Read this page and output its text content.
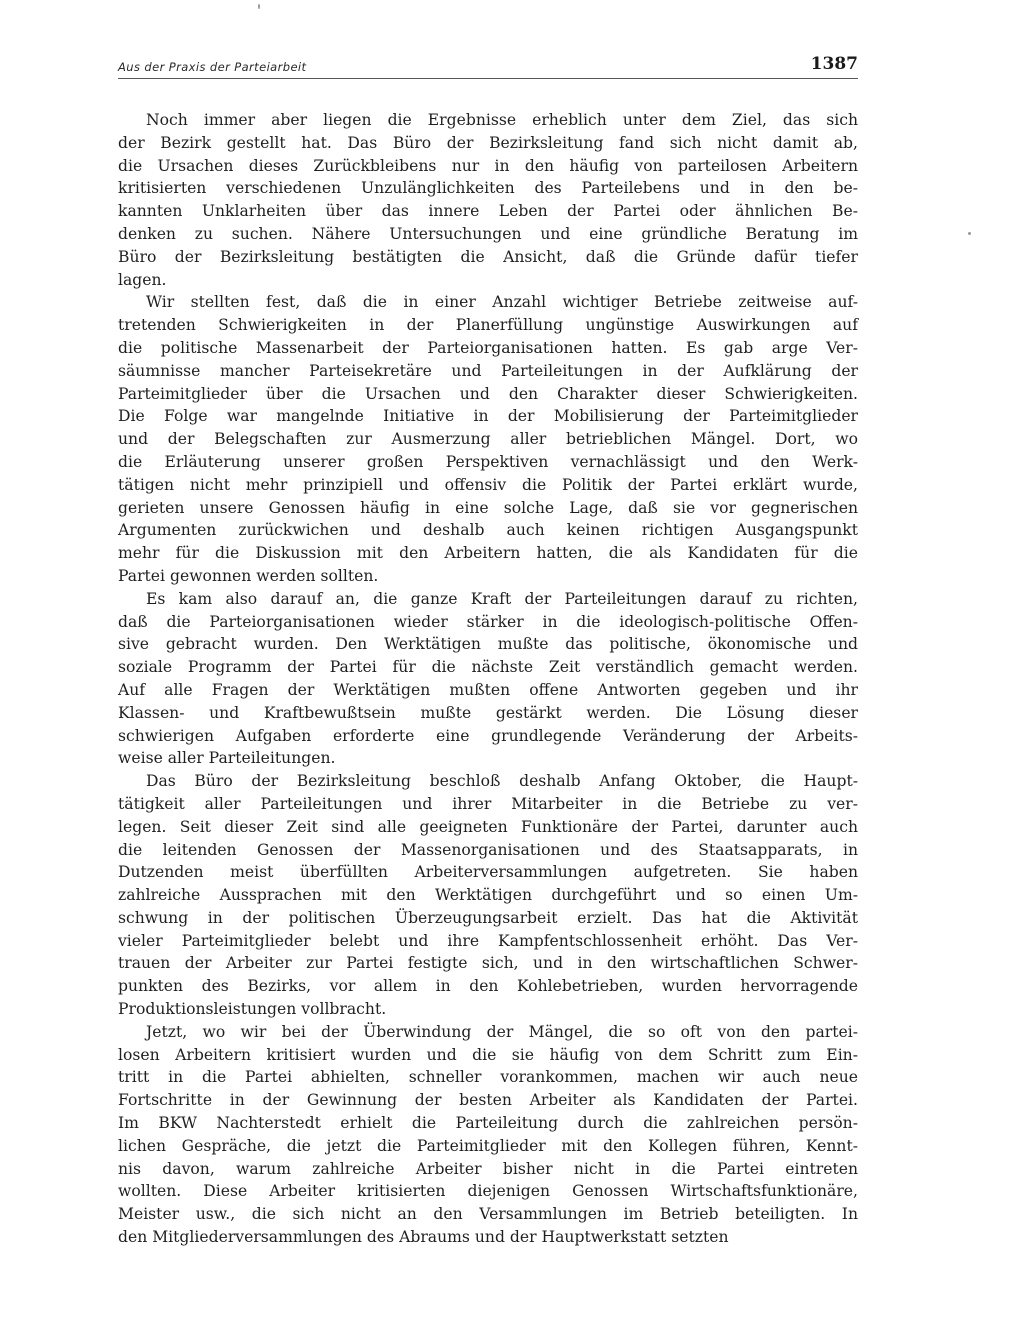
Aus der Praxis der Parteiarbeit	1387

Noch immer aber liegen die Ergebnisse erheblich unter dem Ziel, das sich
der Bezirk gestellt hat. Das Büro der Bezirksleitung fand sich nicht damit ab,
die Ursachen dieses Zurückbleibens nur in den häufig von parteilosen Arbeitern
kritisierten verschiedenen Unzulänglichkeiten des Parteilebens und in den be-
kannten Unklarheiten über das innere Leben der Partei oder ähnlichen Be-
denken zu suchen. Nähere Untersuchungen und eine gründliche Beratung im
Büro der Bezirksleitung bestätigten die Ansicht, daß die Gründe dafür tiefer
lagen.

Wir stellten fest, daß die in einer Anzahl wichtiger Betriebe zeitweise auf-
tretenden Schwierigkeiten in der Planerfüllung ungünstige Auswirkungen auf
die politische Massenarbeit der Parteiorganisationen hatten. Es gab arge Ver-
säumnisse mancher Parteisekretäre und Parteileitungen in der Aufklärung der
Parteimitglieder über die Ursachen und den Charakter dieser Schwierigkeiten.
Die Folge war mangelnde Initiative in der Mobilisierung der Parteimitglieder
und der Belegschaften zur Ausmerzung aller betrieblichen Mängel. Dort, wo
die Erläuterung unserer großen Perspektiven vernachlässigt und den Werk-
tätigen nicht mehr prinzipiell und offensiv die Politik der Partei erklärt wurde,
gerieten unsere Genossen häufig in eine solche Lage, daß sie vor gegnerischen
Argumenten zurückwichen und deshalb auch keinen richtigen Ausgangspunkt
mehr für die Diskussion mit den Arbeitern hatten, die als Kandidaten für die
Partei gewonnen werden sollten.

Es kam also darauf an, die ganze Kraft der Parteileitungen darauf zu richten,
daß die Parteiorganisationen wieder stärker in die ideologisch-politische Offen-
sive gebracht wurden. Den Werktätigen mußte das politische, ökonomische und
soziale Programm der Partei für die nächste Zeit verständlich gemacht werden.
Auf alle Fragen der Werktätigen mußten offene Antworten gegeben und ihr
Klassen- und Kraftbewußtsein mußte gestärkt werden. Die Lösung dieser
schwierigen Aufgaben erforderte eine grundlegende Veränderung der Arbeits-
weise aller Parteileitungen.

Das Büro der Bezirksleitung beschloß deshalb Anfang Oktober, die Haupt-
tätigkeit aller Parteileitungen und ihrer Mitarbeiter in die Betriebe zu ver-
legen. Seit dieser Zeit sind alle geeigneten Funktionäre der Partei, darunter auch
die leitenden Genossen der Massenorganisationen und des Staatsapparats, in
Dutzenden meist überfüllten Arbeiterversammlungen aufgetreten. Sie haben
zahlreiche Aussprachen mit den Werktätigen durchgeführt und so einen Um-
schwung in der politischen Überzeugungsarbeit erzielt. Das hat die Aktivität
vieler Parteimitglieder belebt und ihre Kampfentschlossenheit erhöht. Das Ver-
trauen der Arbeiter zur Partei festigte sich, und in den wirtschaftlichen Schwer-
punkten des Bezirks, vor allem in den Kohlebetrieben, wurden hervorragende
Produktionsleistungen vollbracht.

Jetzt, wo wir bei der Überwindung der Mängel, die so oft von den partei-
losen Arbeitern kritisiert wurden und die sie häufig von dem Schritt zum Ein-
tritt in die Partei abhielten, schneller vorankommen, machen wir auch neue
Fortschritte in der Gewinnung der besten Arbeiter als Kandidaten der Partei.
Im BKW Nachterstedt erhielt die Parteileitung durch die zahlreichen persön-
lichen Gespräche, die jetzt die Parteimitglieder mit den Kollegen führen, Kennt-
nis davon, warum zahlreiche Arbeiter bisher nicht in die Partei eintreten
wollten. Diese Arbeiter kritisierten diejenigen Genossen Wirtschaftsfunktionäre,
Meister usw., die sich nicht an den Versammlungen im Betrieb beteiligten. In
den Mitgliederversammlungen des Abraums und der Hauptwerkstatt setzten
